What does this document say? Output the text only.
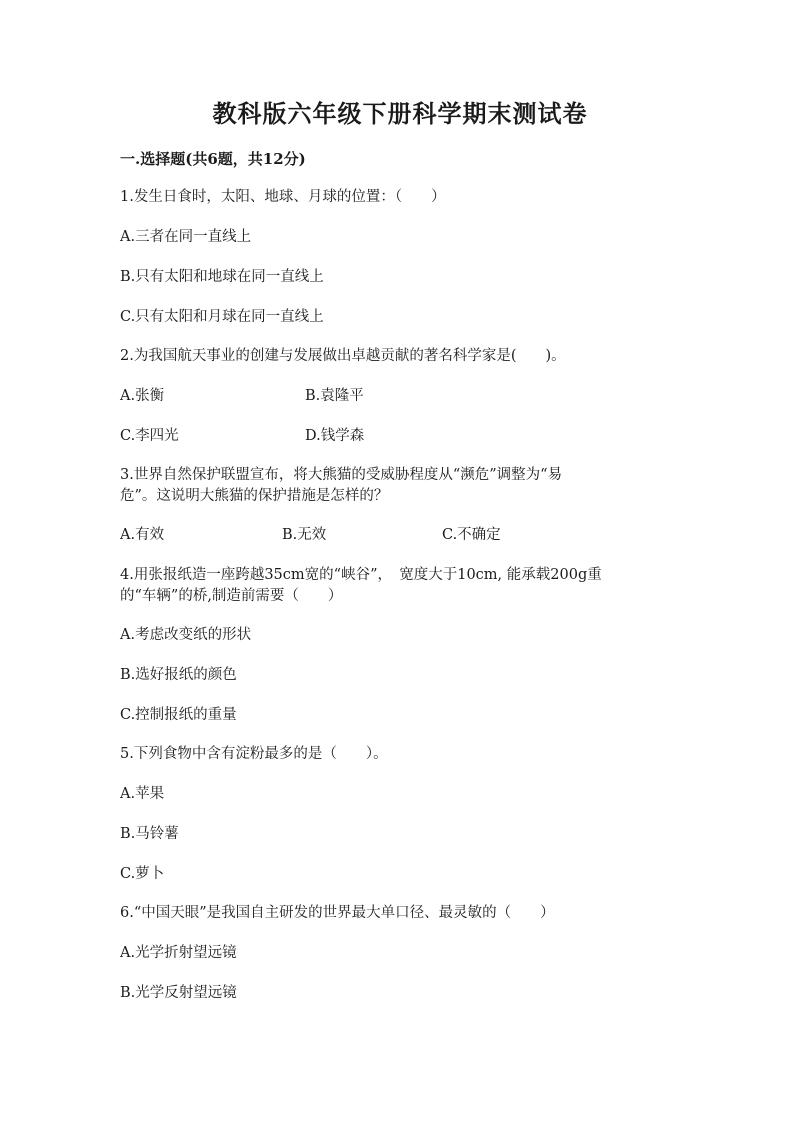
教科版六年级下册科学期末测试卷
一.选择题(共6题，共12分)
1.发生日食时，太阳、地球、月球的位置：（　　）
A.三者在同一直线上
B.只有太阳和地球在同一直线上
C.只有太阳和月球在同一直线上
2.为我国航天事业的创建与发展做出卓越贡献的著名科学家是(　　)。
A.张衡	B.袁隆平
C.李四光	D.钱学森
3.世界自然保护联盟宣布，将大熊猫的受威胁程度从“濒危”调整为“易
危”。这说明大熊猫的保护措施是怎样的？
A.有效	B.无效	C.不确定
4.用张报纸造一座跨越35cm宽的“峡谷”，　宽度大于10cm, 能承载200g重
的“车辆”的桥,制造前需要（　　）
A.考虑改变纸的形状
B.选好报纸的颜色
C.控制报纸的重量
5.下列食物中含有淀粉最多的是（　　）。
A.苹果
B.马铃薯
C.萝卜
6.“中国天眼”是我国自主研发的世界最大单口径、最灵敏的（　　）
A.光学折射望远镜
B.光学反射望远镜
